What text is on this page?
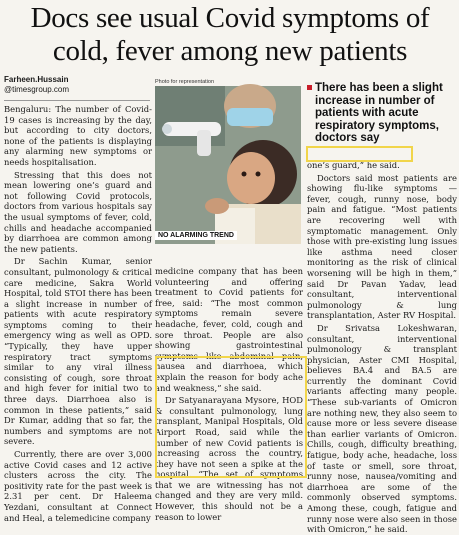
Docs see usual Covid symptoms of cold, fever among new patients
Farheen.Hussain
@timesgroup.com

Bengaluru: The number of Covid-19 cases is increasing by the day, but according to city doctors, none of the patients is displaying any alarming new symptoms or needs hospitalisation.

Stressing that this does not mean lowering one’s guard and not following Covid protocols, doctors from various hospitals say the usual symptoms of fever, cold, chills and headache accompanied by diarrhoea are common among the new patients.

Dr Sachin Kumar, senior consultant, pulmonology & critical care medicine, Sakra World Hospital, told STOI there has been a slight increase in number of patients with acute respiratory symptoms coming to their emergency wing as well as OPD. “Typically, they have upper respiratory tract symptoms similar to any viral illness consisting of cough, sore throat and high fever for initial two to three days. Diarrhoea also is common in these patients,” said Dr Kumar, adding that so far, the numbers and symptoms are not severe.

Currently, there are over 3,000 active Covid cases and 12 active clusters across the city. The positivity rate for the past week is 2.31 per cent. Dr Haleema Yezdani, consultant at Connect and Heal, a telemedicine company

Photo for representation
NO ALARMING TREND
There has been a slight increase in number of patients with acute respiratory symptoms, doctors say

medicine company that has been volunteering and offering treatment to Covid patients for free, said: “The most common symptoms remain severe headache, fever, cold, cough and sore throat. People are also showing gastrointestinal symptoms like abdominal pain, nausea and diarrhoea, which explain the reason for body ache and weakness,” she said.

Dr Satyanarayana Mysore, HOD & consultant pulmonology, lung transplant, Manipal Hospitals, Old Airport Road, said while the number of new Covid patients is increasing across the country, they have not seen a spike at the hospital. “The set of symptoms that we are witnessing has not changed and they are very mild. However, this should not be a reason to lower

one’s guard,” he said.

Doctors said most patients are showing flu-like symptoms — fever, cough, runny nose, body pain and fatigue. “Most patients are recovering well with symptomatic management. Only those with pre-existing lung issues like asthma need closer monitoring as the risk of clinical worsening will be high in them,” said Dr Pavan Yadav, lead consultant, interventional pulmonology & lung transplantation, Aster RV Hospital.

Dr Srivatsa Lokeshwaran, consultant, interventional pulmonology & transplant physician, Aster CMI Hospital, believes BA.4 and BA.5 are currently the dominant Covid variants affecting many people. “These sub-variants of Omicron are nothing new, they also seem to cause more or less severe disease than earlier variants of Omicron. Chills, cough, difficulty breathing, fatigue, body ache, headache, loss of taste or smell, sore throat, runny nose, nausea/vomiting and diarrhoea are some of the commonly observed symptoms. Among these, cough, fatigue and runny nose were also seen in those with Omicron,” he said.
